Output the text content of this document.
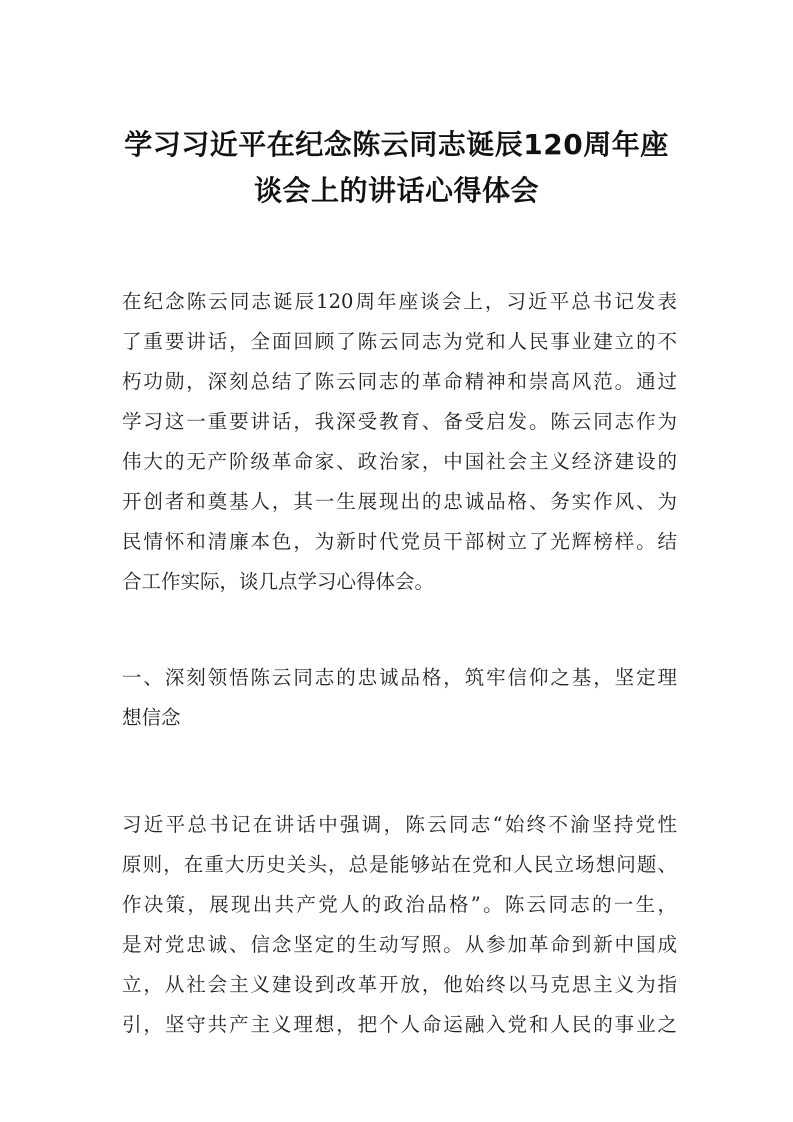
学习习近平在纪念陈云同志诞辰120周年座
谈会上的讲话心得体会
在纪念陈云同志诞辰120周年座谈会上，习近平总书记发表
了重要讲话，全面回顾了陈云同志为党和人民事业建立的不
朽功勋，深刻总结了陈云同志的革命精神和崇高风范。通过
学习这一重要讲话，我深受教育、备受启发。陈云同志作为
伟大的无产阶级革命家、政治家，中国社会主义经济建设的
开创者和奠基人，其一生展现出的忠诚品格、务实作风、为
民情怀和清廉本色，为新时代党员干部树立了光辉榜样。结
合工作实际，谈几点学习心得体会。
一、深刻领悟陈云同志的忠诚品格，筑牢信仰之基，坚定理
想信念
习近平总书记在讲话中强调，陈云同志“始终不渝坚持党性
原则，在重大历史关头，总是能够站在党和人民立场想问题、
作决策，展现出共产党人的政治品格”。陈云同志的一生，
是对党忠诚、信念坚定的生动写照。从参加革命到新中国成
立，从社会主义建设到改革开放，他始终以马克思主义为指
引，坚守共产主义理想，把个人命运融入党和人民的事业之
